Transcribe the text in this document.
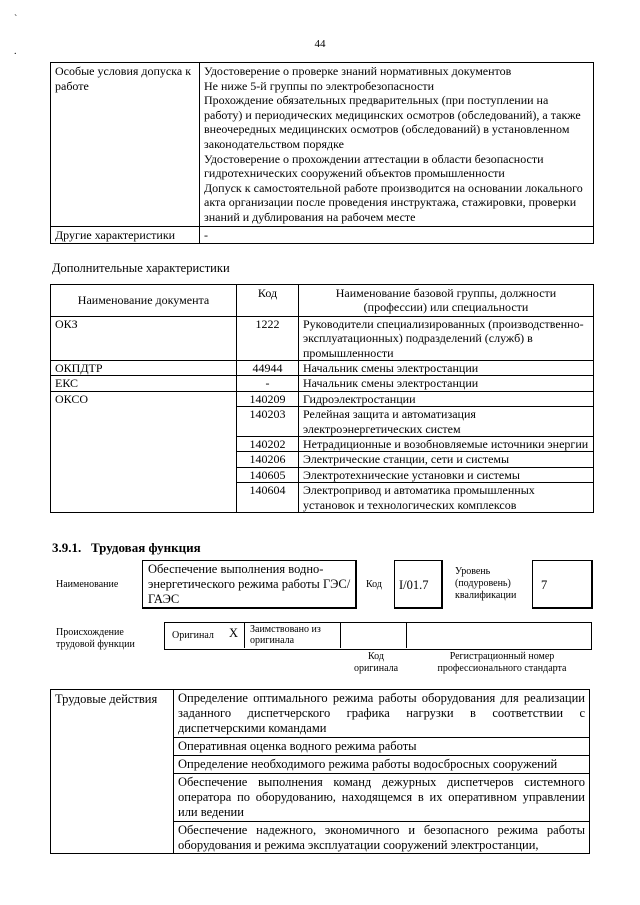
`
.
44
Особые условия допуска к работе	Удостоверение о проверке знаний нормативных документов

Не ниже 5-й группы по электробезопасности

Прохождение обязательных предварительных (при поступлении на работу) и периодических медицинских осмотров (обследований), а также внеочередных медицинских осмотров (обследований) в установленном законодательством порядке

Удостоверение о прохождении аттестации в области безопасности гидротехнических сооружений объектов промышленности

Допуск к самостоятельной работе производится на основании локального акта организации после проведения инструктажа, стажировки, проверки знаний и дублирования на рабочем месте

Другие характеристики	-
Дополнительные характеристики
Наименование документа	Код	Наименование базовой группы, должности (профессии) или специальности
ОКЗ	1222	Руководители специализированных (производственно-эксплуатационных) подразделений (служб) в промышленности
ОКПДТР	44944	Начальник смены электростанции
ЕКС	-	Начальник смены электростанции
ОКСО	140209	Гидроэлектростанции
	140203	Релейная защита и автоматизация электроэнергетических систем
	140202	Нетрадиционные и возобновляемые источники энергии
	140206	Электрические станции, сети и системы
	140605	Электротехнические установки и системы
	140604	Электропривод и автоматика промышленных установок и технологических комплексов
3.9.1.   Трудовая функция
Наименование
Обеспечение выполнения водно-энергетического режима работы ГЭС/ГАЭС
Код I/01.7
Уровень (подуровень) квалификации
7
Происхождение трудовой функции
Оригинал X Заимствовано из оригинала
Код оригинала
Регистрационный номер профессионального стандарта
Трудовые действия	Определение оптимального режима работы оборудования для реализации заданного диспетчерского графика нагрузки в соответствии с диспетчерскими командами
Оперативная оценка водного режима работы
Определение необходимого режима работы водосбросных сооружений
Обеспечение выполнения команд дежурных диспетчеров системного оператора по оборудованию, находящемся в их оперативном управлении или ведении
Обеспечение надежного, экономичного и безопасного режима работы оборудования и режима эксплуатации сооружений электростанции,
